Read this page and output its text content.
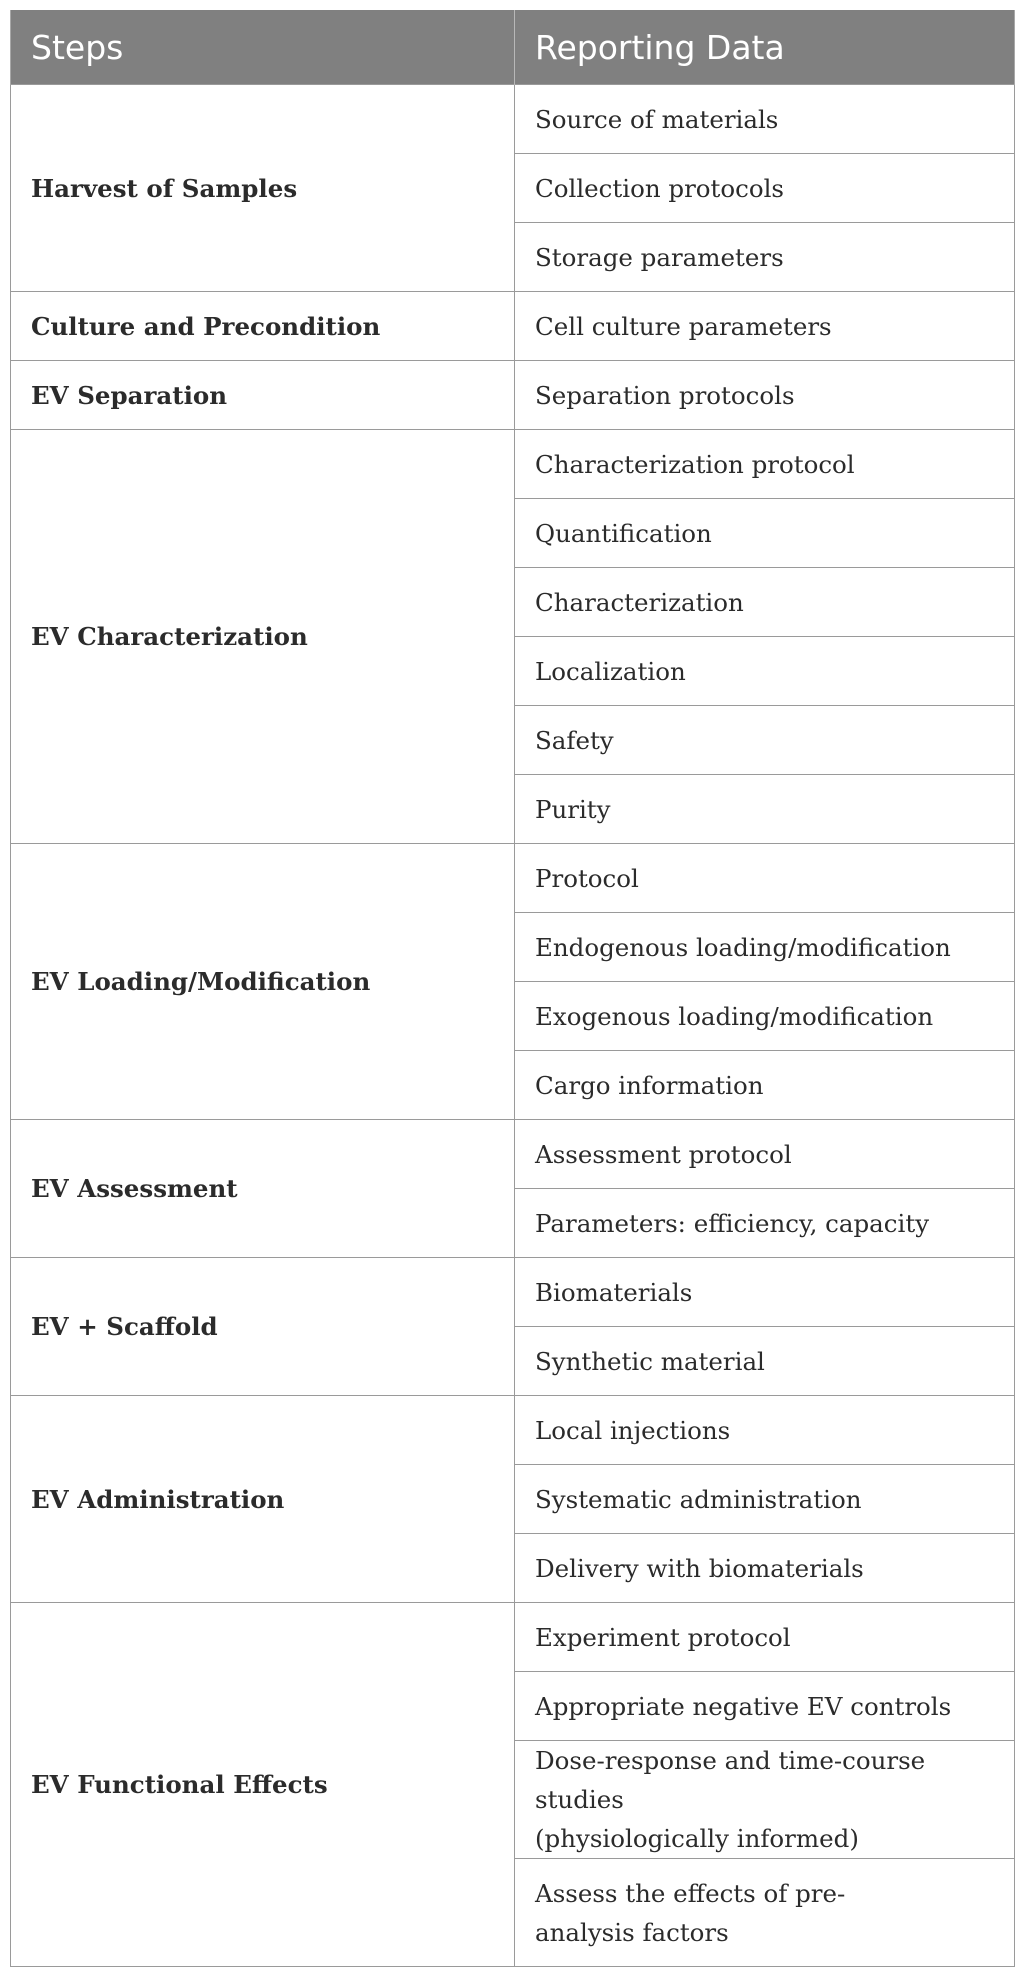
Steps	Reporting Data
Harvest of Samples	Source of materials
	Collection protocols
	Storage parameters
Culture and Precondition	Cell culture parameters
EV Separation	Separation protocols
EV Characterization	Characterization protocol
	Quantification
	Characterization
	Localization
	Safety
	Purity
EV Loading/Modification	Protocol
	Endogenous loading/modification
	Exogenous loading/modification
	Cargo information
EV Assessment	Assessment protocol
	Parameters: efficiency, capacity
EV + Scaffold	Biomaterials
	Synthetic material
EV Administration	Local injections
	Systematic administration
	Delivery with biomaterials
EV Functional Effects	Experiment protocol
	Appropriate negative EV controls
	Dose-response and time-course studies
(physiologically informed)
	Assess the effects of pre-
analysis factors
